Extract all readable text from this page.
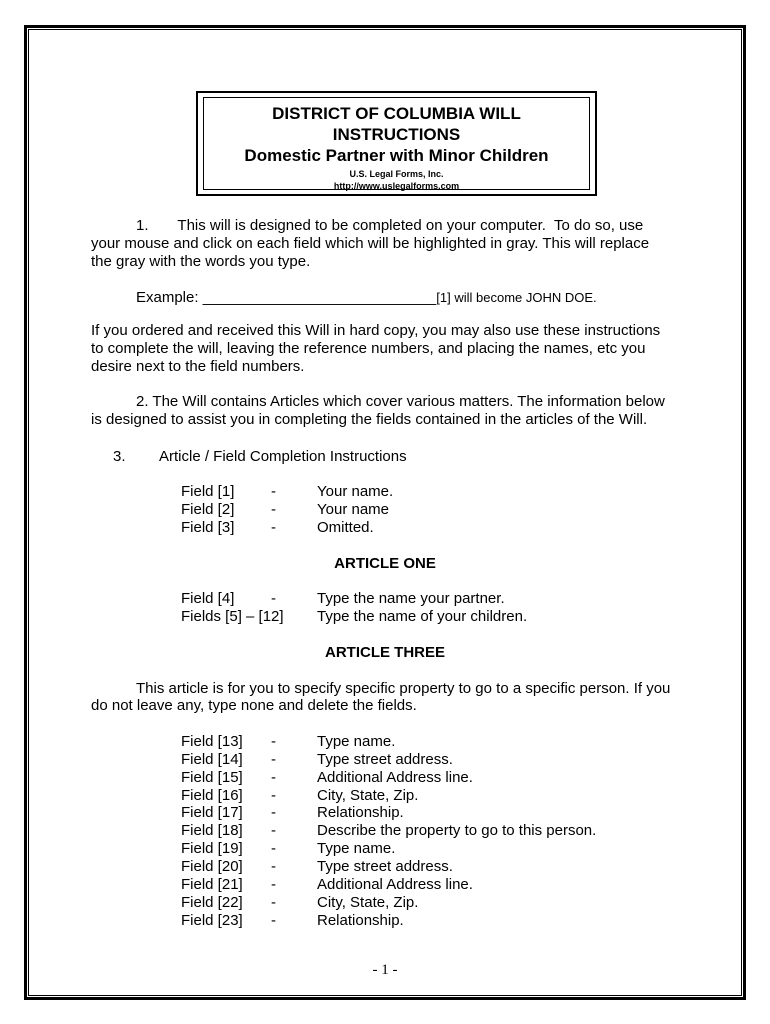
DISTRICT OF COLUMBIA WILL
INSTRUCTIONS
Domestic Partner with Minor Children
U.S. Legal Forms, Inc.
http://www.uslegalforms.com
1.       This will is designed to be completed on your computer.  To do so, use
your mouse and click on each field which will be highlighted in gray. This will replace
the gray with the words you type.
Example: ____________________________[1] will become JOHN DOE.
If you ordered and received this Will in hard copy, you may also use these instructions
to complete the will, leaving the reference numbers, and placing the names, etc you
desire next to the field numbers.
2. The Will contains Articles which cover various matters. The information below
is designed to assist you in completing the fields contained in the articles of the Will.
3. Article / Field Completion Instructions
Field [1] -	Your name.
Field [2] -	Your name
Field [3] -	Omitted.
ARTICLE ONE
Field [4] -	Type the name your partner.
Fields [5] – [12] Type the name of your children.
ARTICLE THREE
This article is for you to specify specific property to go to a specific person. If you
do not leave any, type none and delete the fields.
Field [13] -	Type name.
Field [14] -	Type street address.
Field [15] -	Additional Address line.
Field [16] -	City, State, Zip.
Field [17] -	Relationship.
Field [18] -	Describe the property to go to this person.
Field [19] -	Type name.
Field [20] -	Type street address.
Field [21] -	Additional Address line.
Field [22] -	City, State, Zip.
Field [23] -	Relationship.
- 1 -
